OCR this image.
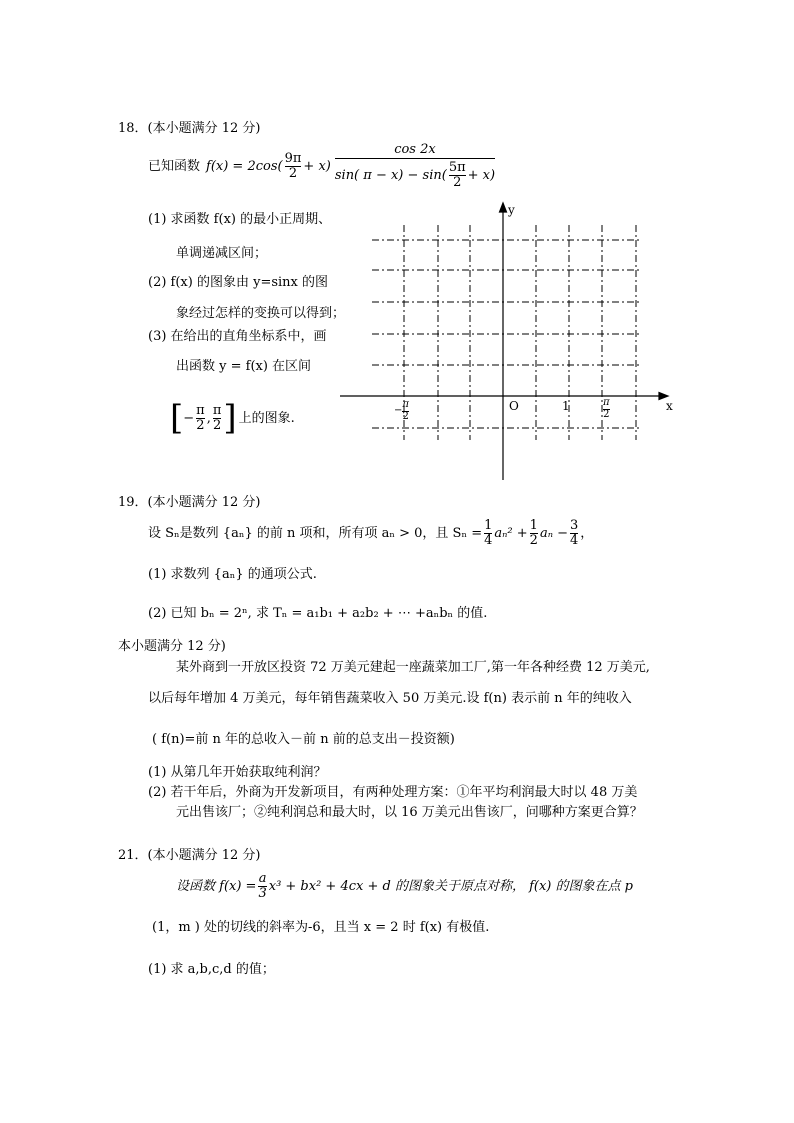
18．(本小题满分 12 分)
已知函数 $f(x) = 2\cos( \frac{9\pi}{2} + x)$
cos 2x
sin( $\pi - x) - \sin( \frac{5\pi}{2} + x)$
(1) 求函数 f(x) 的最小正周期、
单调递减区间；
(2) f(x) 的图象由 y=sinx 的图
象经过怎样的变换可以得到；
(3) 在给出的直角坐标系中，画
出函数 y = f(x) 在区间
[ − $\frac{\pi}{2}$ , $\frac{\pi}{2}$ ] 上的图象.
y
x
O	1
− $\frac{\pi}{2}$	$\frac{\pi}{2}$
19．(本小题满分 12 分)
设 Sₙ是数列 {aₙ} 的前 n 项和，所有项 aₙ > 0，且 $S_n = \frac{1}{4} a_n^2 + \frac{1}{2}$ $a_n - \frac{3}{4}$ ，
(1) 求数列 {aₙ} 的通项公式.
(2) 已知 bₙ = 2ⁿ, 求 Tₙ = a₁b₁ + a₂b₂ + ⋯ +aₙbₙ 的值.
本小题满分 12 分)
某外商到一开放区投资 72 万美元建起一座蔬菜加工厂,第一年各种经费 12 万美元,
以后每年增加 4 万美元，每年销售蔬菜收入 50 万美元.设 f(n) 表示前 n 年的纯收入
( f(n)=前 n 年的总收入－前 n 前的总支出－投资额)
(1) 从第几年开始获取纯利润？
(2) 若干年后，外商为开发新项目，有两种处理方案：①年平均利润最大时以 48 万美
元出售该厂；②纯利润总和最大时，以 16 万美元出售该厂，问哪种方案更合算？
21．(本小题满分 12 分)
设函数 $f(x) = \frac{a}{3} x^3 + bx^2 + 4cx + d$ 的图象关于原点对称， f(x) 的图象在点 p
(1，m ) 处的切线的斜率为-6，且当 x = 2 时 f(x) 有极值.
(1) 求 a,b,c,d 的值；
